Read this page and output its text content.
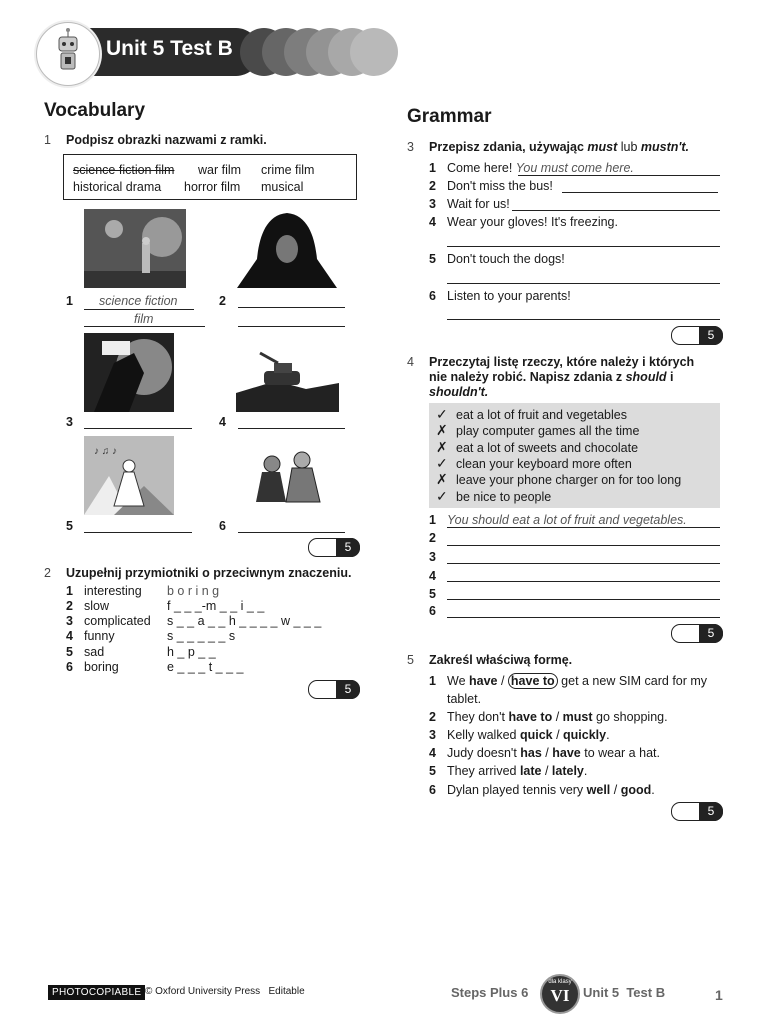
Unit 5 Test B
Vocabulary
1 Podpisz obrazki nazwami z ramki.
science fiction film war film crime film
historical drama horror film musical
♪ ♫ ♪
1 science fiction
film
2
3	4
5	6
5
2 Uzupełnij przymiotniki o przeciwnym znaczeniu.
1 interesting b o r i n g
2 slow	f _ _ _-m _ _ i _ _
3 complicated s _ _ a _ _ h _ _ _ _ w _ _ _
4 funny	s _ _ _ _ _ s
5 sad	h _ p _ _
6 boring	e _ _ _ t _ _ _
5
Grammar
3 Przepisz zdania, używając must lub mustn't.
1 Come here! You must come here.
2 Don't miss the bus!
3 Wait for us!
4 Wear your gloves! It's freezing.
5 Don't touch the dogs!
6 Listen to your parents!
5
4 Przeczytaj listę rzeczy, które należy i których
nie należy robić. Napisz zdania z should i
shouldn't.
✓ eat a lot of fruit and vegetables
✗ play computer games all the time
✗ eat a lot of sweets and chocolate
✓ clean your keyboard more often
✗ leave your phone charger on for too long
✓ be nice to people
1 You should eat a lot of fruit and vegetables.
2
3
4
5
6
5
5 Zakreśl właściwą formę.
1 We have / have to get a new SIM card for my
tablet.
2 They don't have to / must go shopping.
3 Kelly walked quick / quickly.
4 Judy doesn't has / have to wear a hat.
5 They arrived late / lately.
6 Dylan played tennis very well / good.
5
PHOTOCOPIABLE © Oxford University Press Editable	Steps Plus 6
dla klasy
VI	Unit 5  Test B	1
